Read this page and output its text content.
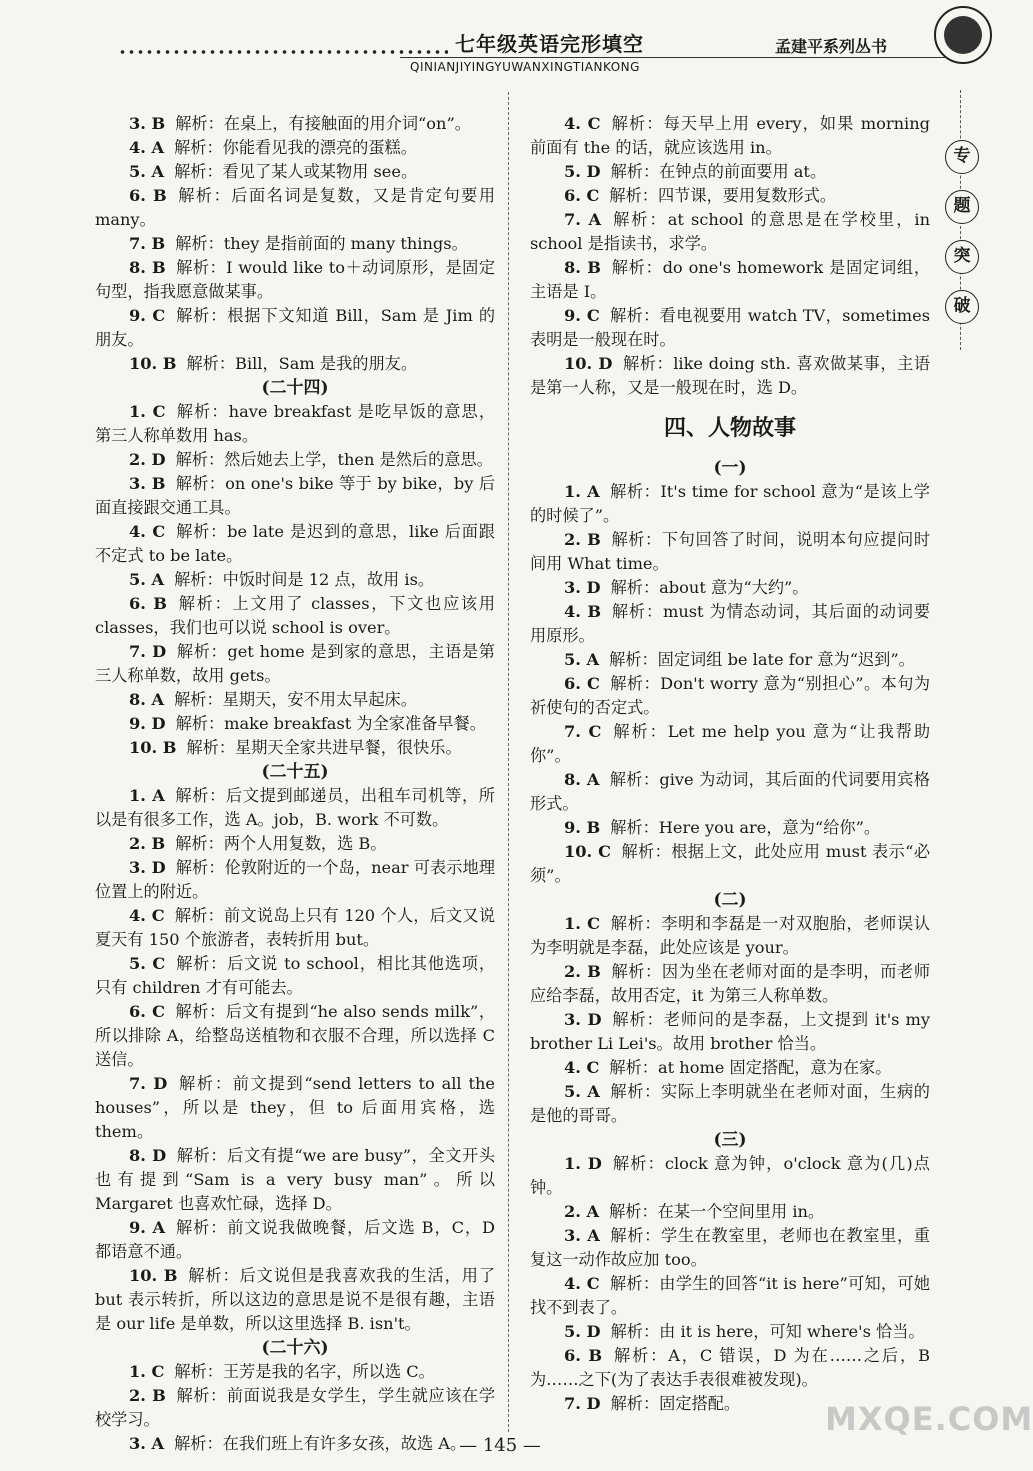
七年级英语完形填空	孟建平系列丛书
QINIANJIYINGYUWANXINGTIANKONG
专
题
突
破

3. B 解析：在桌上，有接触面的用介词“on”。

4. A 解析：你能看见我的漂亮的蛋糕。

5. A 解析：看见了某人或某物用 see。

6. B 解析：后面名词是复数，又是肯定句要用 many。

7. B 解析：they 是指前面的 many things。

8. B 解析：I would like to＋动词原形，是固定句型，指我愿意做某事。

9. C 解析：根据下文知道 Bill，Sam 是 Jim 的朋友。

10. B 解析：Bill，Sam 是我的朋友。

(二十四)

1. C 解析：have breakfast 是吃早饭的意思，第三人称单数用 has。

2. D 解析：然后她去上学，then 是然后的意思。

3. B 解析：on one's bike 等于 by bike，by 后面直接跟交通工具。

4. C 解析：be late 是迟到的意思，like 后面跟不定式 to be late。

5. A 解析：中饭时间是 12 点，故用 is。

6. B 解析：上文用了 classes，下文也应该用 classes，我们也可以说 school is over。

7. D 解析：get home 是到家的意思，主语是第三人称单数，故用 gets。

8. A 解析：星期天，安不用太早起床。

9. D 解析：make breakfast 为全家准备早餐。

10. B 解析：星期天全家共进早餐，很快乐。

(二十五)

1. A 解析：后文提到邮递员，出租车司机等，所以是有很多工作，选 A。job，B. work 不可数。

2. B 解析：两个人用复数，选 B。

3. D 解析：伦敦附近的一个岛，near 可表示地理位置上的附近。

4. C 解析：前文说岛上只有 120 个人，后文又说夏天有 150 个旅游者，表转折用 but。

5. C 解析：后文说 to school，相比其他选项，只有 children 才有可能去。

6. C 解析：后文有提到“he also sends milk”，所以排除 A，给整岛送植物和衣服不合理，所以选择 C 送信。

7. D 解析：前文提到“send letters to all the houses”，所以是 they，但 to 后面用宾格，选 them。

8. D 解析：后文有提“we are busy”，全文开头也有提到“Sam is a very busy man”。所以 Margaret 也喜欢忙碌，选择 D。

9. A 解析：前文说我做晚餐，后文选 B，C，D 都语意不通。

10. B 解析：后文说但是我喜欢我的生活，用了 but 表示转折，所以这边的意思是说不是很有趣，主语是 our life 是单数，所以这里选择 B. isn't。

(二十六)

1. C 解析：王芳是我的名字，所以选 C。

2. B 解析：前面说我是女学生，学生就应该在学校学习。

3. A 解析：在我们班上有许多女孩，故选 A。

4. C 解析：每天早上用 every，如果 morning 前面有 the 的话，就应该选用 in。

5. D 解析：在钟点的前面要用 at。

6. C 解析：四节课，要用复数形式。

7. A 解析：at school 的意思是在学校里，in school 是指读书，求学。

8. B 解析：do one's homework 是固定词组，主语是 I。

9. C 解析：看电视要用 watch TV，sometimes 表明是一般现在时。

10. D 解析：like doing sth. 喜欢做某事，主语是第一人称，又是一般现在时，选 D。

四、人物故事
(一)

1. A 解析：It's time for school 意为“是该上学的时候了”。

2. B 解析：下句回答了时间，说明本句应提问时间用 What time。

3. D 解析：about 意为“大约”。

4. B 解析：must 为情态动词，其后面的动词要用原形。

5. A 解析：固定词组 be late for 意为“迟到”。

6. C 解析：Don't worry 意为“别担心”。本句为祈使句的否定式。

7. C 解析：Let me help you 意为“让我帮助你”。

8. A 解析：give 为动词，其后面的代词要用宾格形式。

9. B 解析：Here you are，意为“给你”。

10. C 解析：根据上文，此处应用 must 表示“必须”。

(二)

1. C 解析：李明和李磊是一对双胞胎，老师误认为李明就是李磊，此处应该是 your。

2. B 解析：因为坐在老师对面的是李明，而老师应给李磊，故用否定，it 为第三人称单数。

3. D 解析：老师问的是李磊，上文提到 it's my brother Li Lei's。故用 brother 恰当。

4. C 解析：at home 固定搭配，意为在家。

5. A 解析：实际上李明就坐在老师对面，生病的是他的哥哥。

(三)

1. D 解析：clock 意为钟，o'clock 意为(几)点钟。

2. A 解析：在某一个空间里用 in。

3. A 解析：学生在教室里，老师也在教室里，重复这一动作故应加 too。

4. C 解析：由学生的回答“it is here”可知，可她找不到表了。

5. D 解析：由 it is here，可知 where's 恰当。

6. B 解析：A，C 错误，D 为在……之后，B 为……之下(为了表达手表很难被发现)。

7. D 解析：固定搭配。

— 145 —
MXQE.COM
